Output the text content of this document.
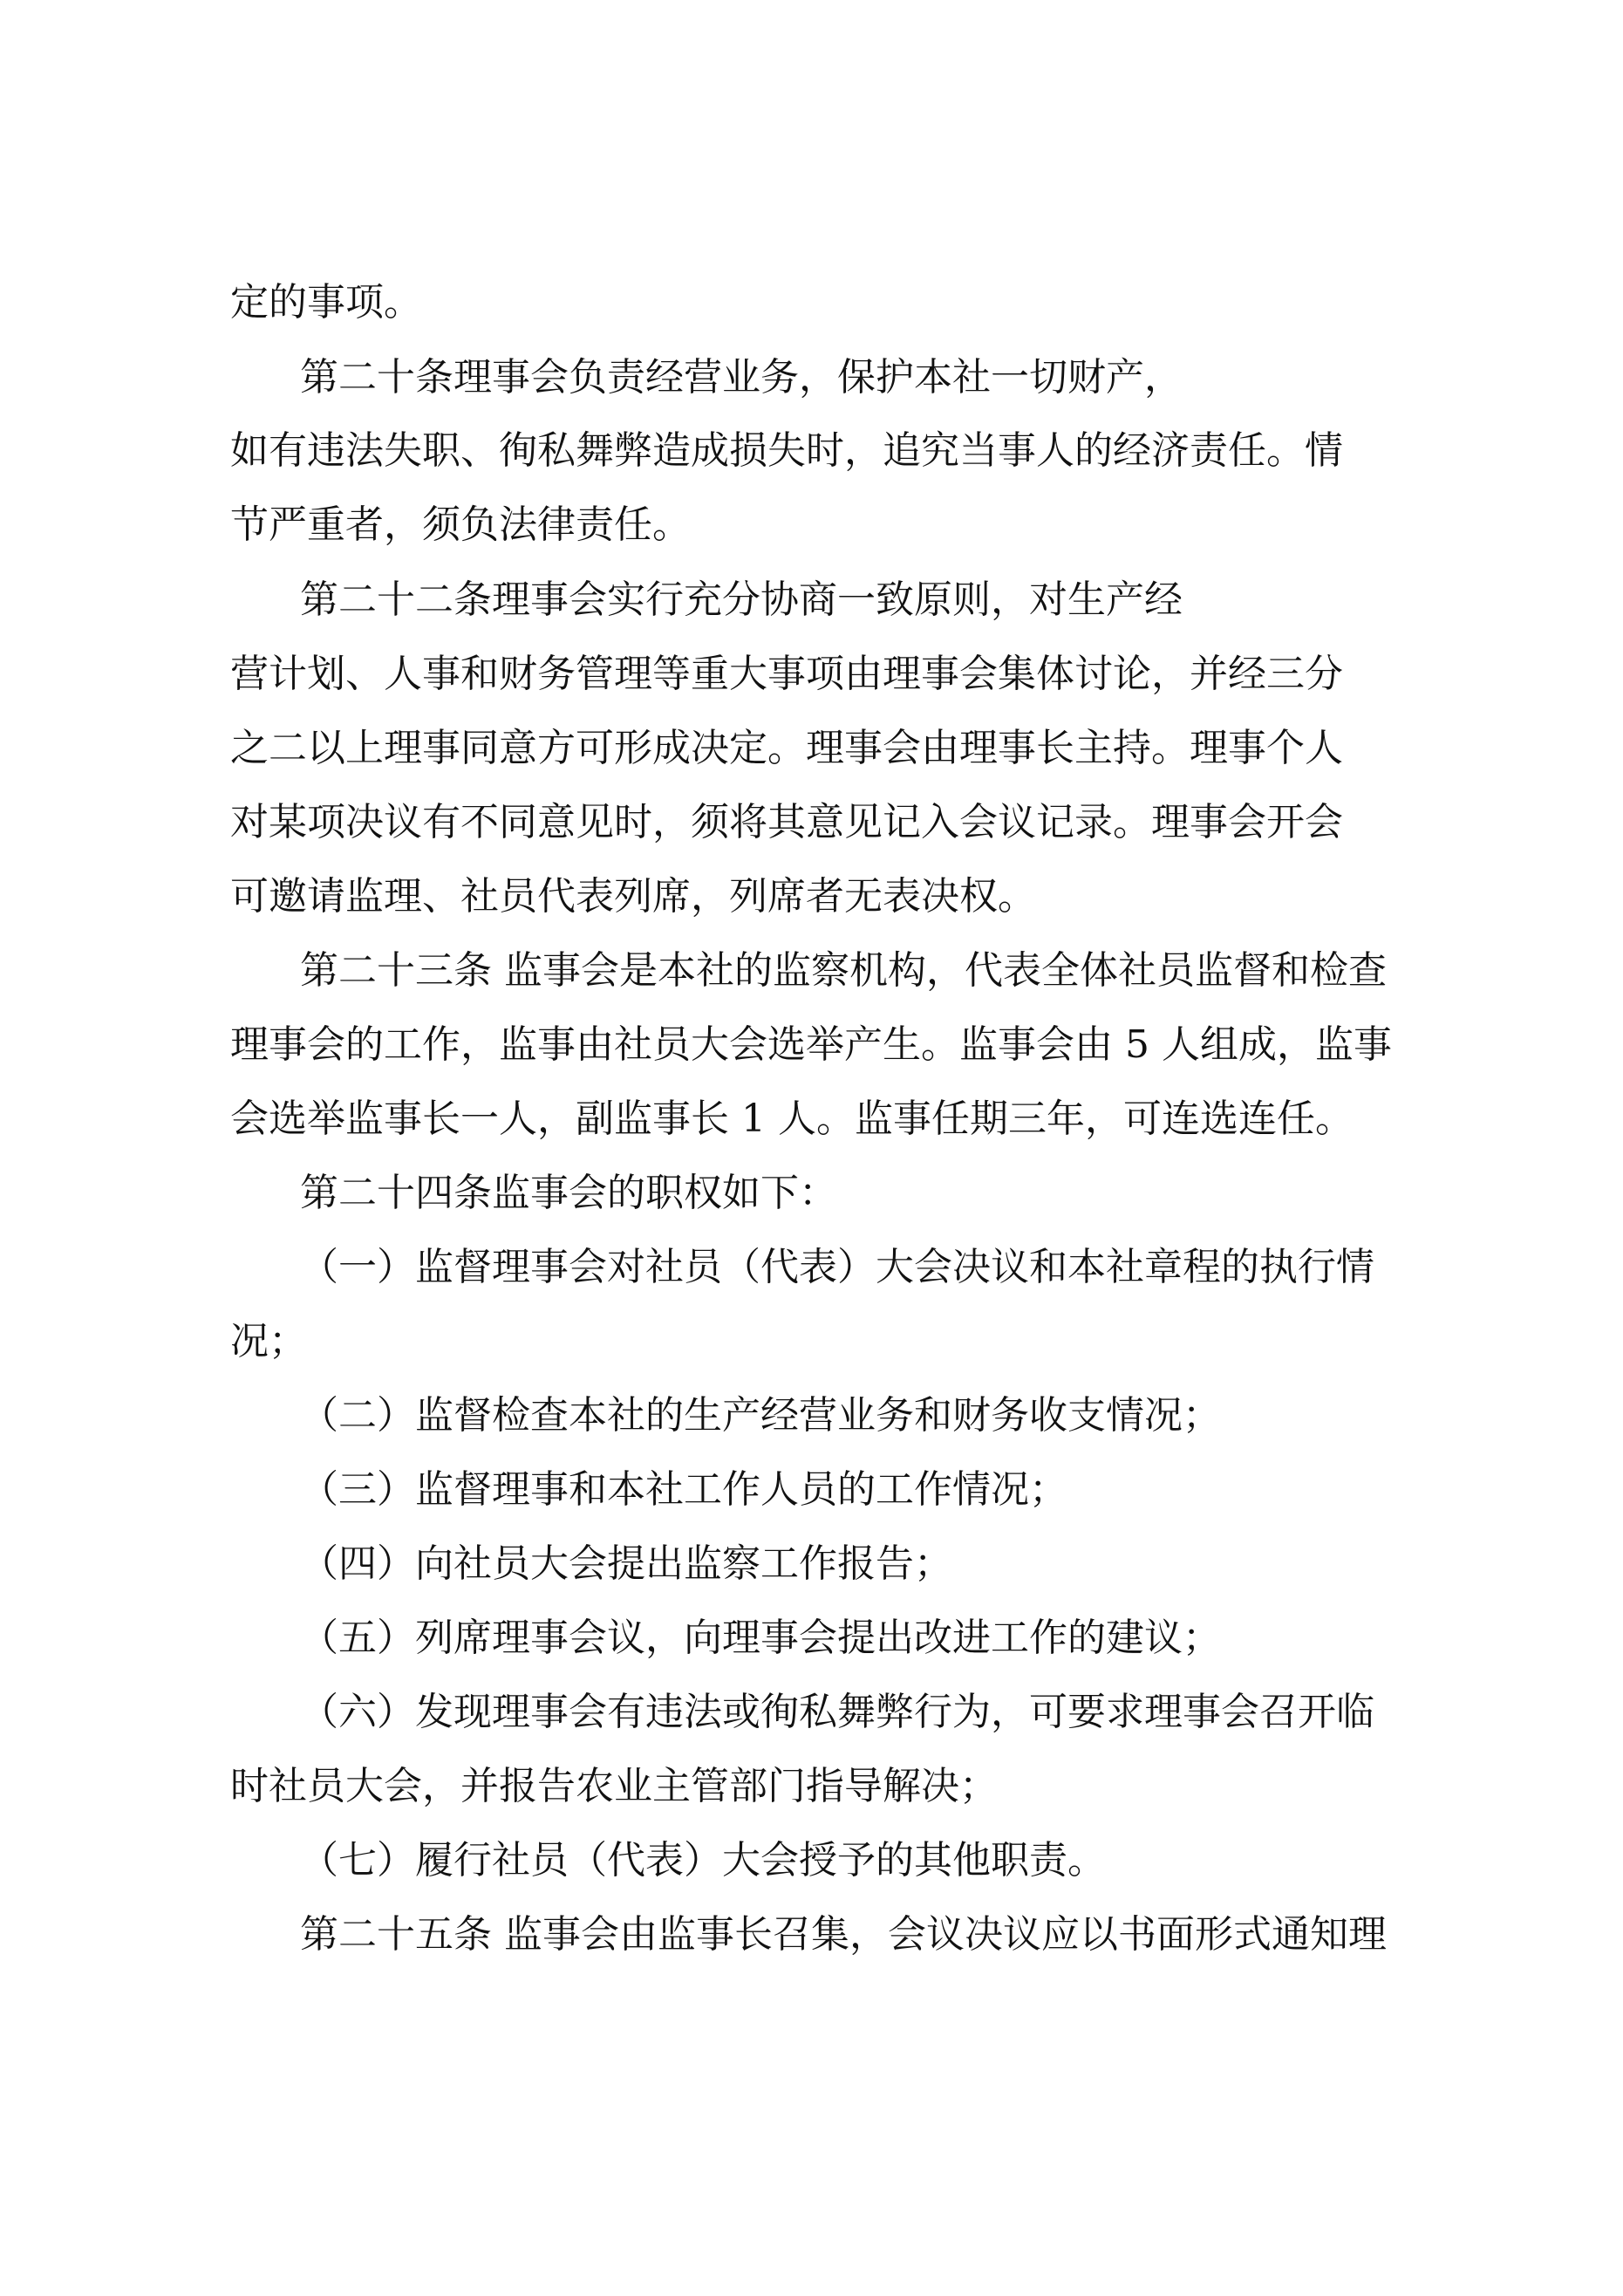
定的事项。
第二十条理事会负责经营业务，保护本社一切财产，
如有违法失职、徇私舞弊造成损失时，追究当事人的经济责任。情
节严重者，须负法律责任。
第二十二条理事会实行充分协商一致原则，对生产经
营计划、人事和财务管理等重大事项由理事会集体讨论，并经三分
之二以上理事同意方可形成决定。理事会由理事长主持。理事个人
对某项决议有不同意见时，须将其意见记入会议记录。理事会开会
可邀请监理、社员代表列席，列席者无表决权。
第二十三条 监事会是本社的监察机构，代表全体社员监督和检查
理事会的工作，监事由社员大会选举产生。监事会由 5 人组成，监事
会选举监事长一人，副监事长 1 人。监事任期三年，可连选连任。
第二十四条监事会的职权如下：
（一）监督理事会对社员（代表）大会决议和本社章程的执行情
况；
（二）监督检查本社的生产经营业务和财务收支情况；
（三）监督理事和本社工作人员的工作情况；
（四）向社员大会提出监察工作报告；
（五）列席理事会议，向理事会提出改进工作的建议；
（六）发现理事会有违法或徇私舞弊行为，可要求理事会召开临
时社员大会，并报告农业主管部门指导解决；
（七）履行社员（代表）大会授予的其他职责。
第二十五条 监事会由监事长召集，会议决议应以书面形式通知理
